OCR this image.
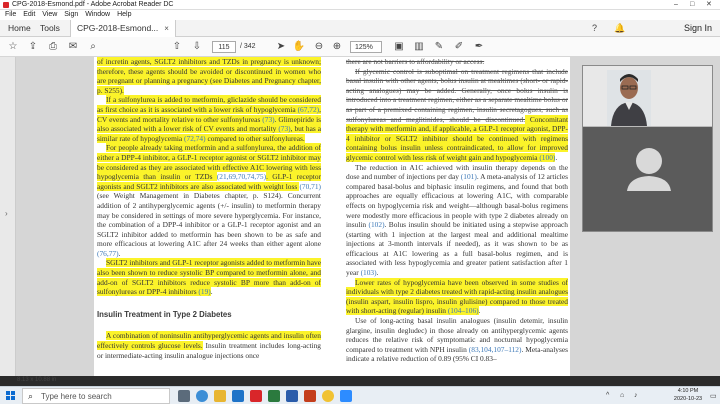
CPG-2018-Esmond.pdf - Adobe Acrobat Reader DC	– □ ✕
File Edit View Sign Window Help
Home Tools	CPG-2018-Esmond... ×	? 🔔	Sign In
☆ ⇪	⎙	✉	⌕	⇧ ⇩	115	/ 342 ➤ ✋ ⊖ ⊕	125%	▣ ▥ ✎ ✐ ✒
›

of incretin agents, SGLT2 inhibitors and TZDs in pregnancy is unknown; therefore, these agents should be avoided or discontinued in women who are pregnant or planning a pregnancy (see Diabetes and Pregnancy chapter, p. S255).

If a sulfonylurea is added to metformin, gliclazide should be considered as first choice as it is associated with a lower risk of hypoglycemia (67,72), CV events and mortality relative to other sulfonylureas (73). Glimepiride is also associated with a lower risk of CV events and mortality (73), but has a similar rate of hypoglycemia (72,74) compared to other sulfonylureas.

For people already taking metformin and a sulfonylurea, the addition of either a DPP-4 inhibitor, a GLP-1 receptor agonist or SGLT2 inhibitor may be considered as they are associated with effective A1C lowering with less hypoglycemia than insulin or TZDs (21,69,70,74,75). GLP-1 receptor agonists and SGLT2 inhibitors are also associated with weight loss (70,71) (see Weight Management in Diabetes chapter, p. S124). Concurrent addition of 2 antihyperglycemic agents (+/- insulin) to metformin therapy may be considered in settings of more severe hyperglycemia. For instance, the combination of a DPP-4 inhibitor or a GLP-1 receptor agonist and an SGLT2 inhibitor added to metformin has been shown to be as safe and more efficacious at lowering A1C after 24 weeks than either agent alone (76,77).

SGLT2 inhibitors and GLP-1 receptor agonists added to metformin have also been shown to reduce systolic BP compared to metformin alone, and add-on of SGLT2 inhibitors reduce systolic BP more than add-on of sulfonylureas or DPP-4 inhibitors (19).

Insulin Treatment in Type 2 Diabetes

A combination of noninsulin antihyperglycemic agents and insulin often effectively controls glucose levels. Insulin treatment includes long-acting or intermediate-acting insulin analogue injections once

there are not barriers to affordability or access.

If glycemic control is suboptimal on treatment regimens that include basal insulin with other agents, bolus insulin at mealtimes (short- or rapid-acting analogues) may be added. Generally, once bolus insulin is introduced into a treatment regimen, either as a separate mealtime bolus or as part of a premixed containing regimen, insulin secretagogues, such as sulfonylureas and meglitinides, should be discontinued. Concomitant therapy with metformin and, if applicable, a GLP-1 receptor agonist, DPP-4 inhibitor or SGLT2 inhibitor should be continued with regimens containing bolus insulin unless contraindicated, to allow for improved glycemic control with less risk of weight gain and hypoglycemia (100).

The reduction in A1C achieved with insulin therapy depends on the dose and number of injections per day (101). A meta-analysis of 12 articles compared basal-bolus and biphasic insulin regimens, and found that both approaches are equally efficacious at lowering A1C, with comparable effects on hypoglycemia risk and weight—although basal-bolus regimens were modestly more efficacious in people with type 2 diabetes already on insulin (102). Bolus insulin should be initiated using a stepwise approach (starting with 1 injection at the largest meal and additional mealtime injections at 3-month intervals if needed), as it was shown to be as efficacious at A1C lowering as a full basal-bolus regimen, and is associated with less hypoglycemia and greater patient satisfaction after 1 year (103).

Lower rates of hypoglycemia have been observed in some studies of individuals with type 2 diabetes treated with rapid-acting insulin analogues (insulin aspart, insulin lispro, insulin glulisine) compared to those treated with short-acting (regular) insulin (104–106).

Use of long-acting basal insulin analogues (insulin detemir, insulin glargine, insulin degludec) in those already on antihyperglycemic agents reduces the relative risk of symptomatic and nocturnal hypoglycemia compared to treatment with NPH insulin (83,104,107–112). Meta-analyses indicate a relative reduction of 0.89 (95% CI 0.83–

8.13 x 10.88 in
⌕ Type here to search	^ ⌂ ♪
4:10 PM
2020-10-23	▭
